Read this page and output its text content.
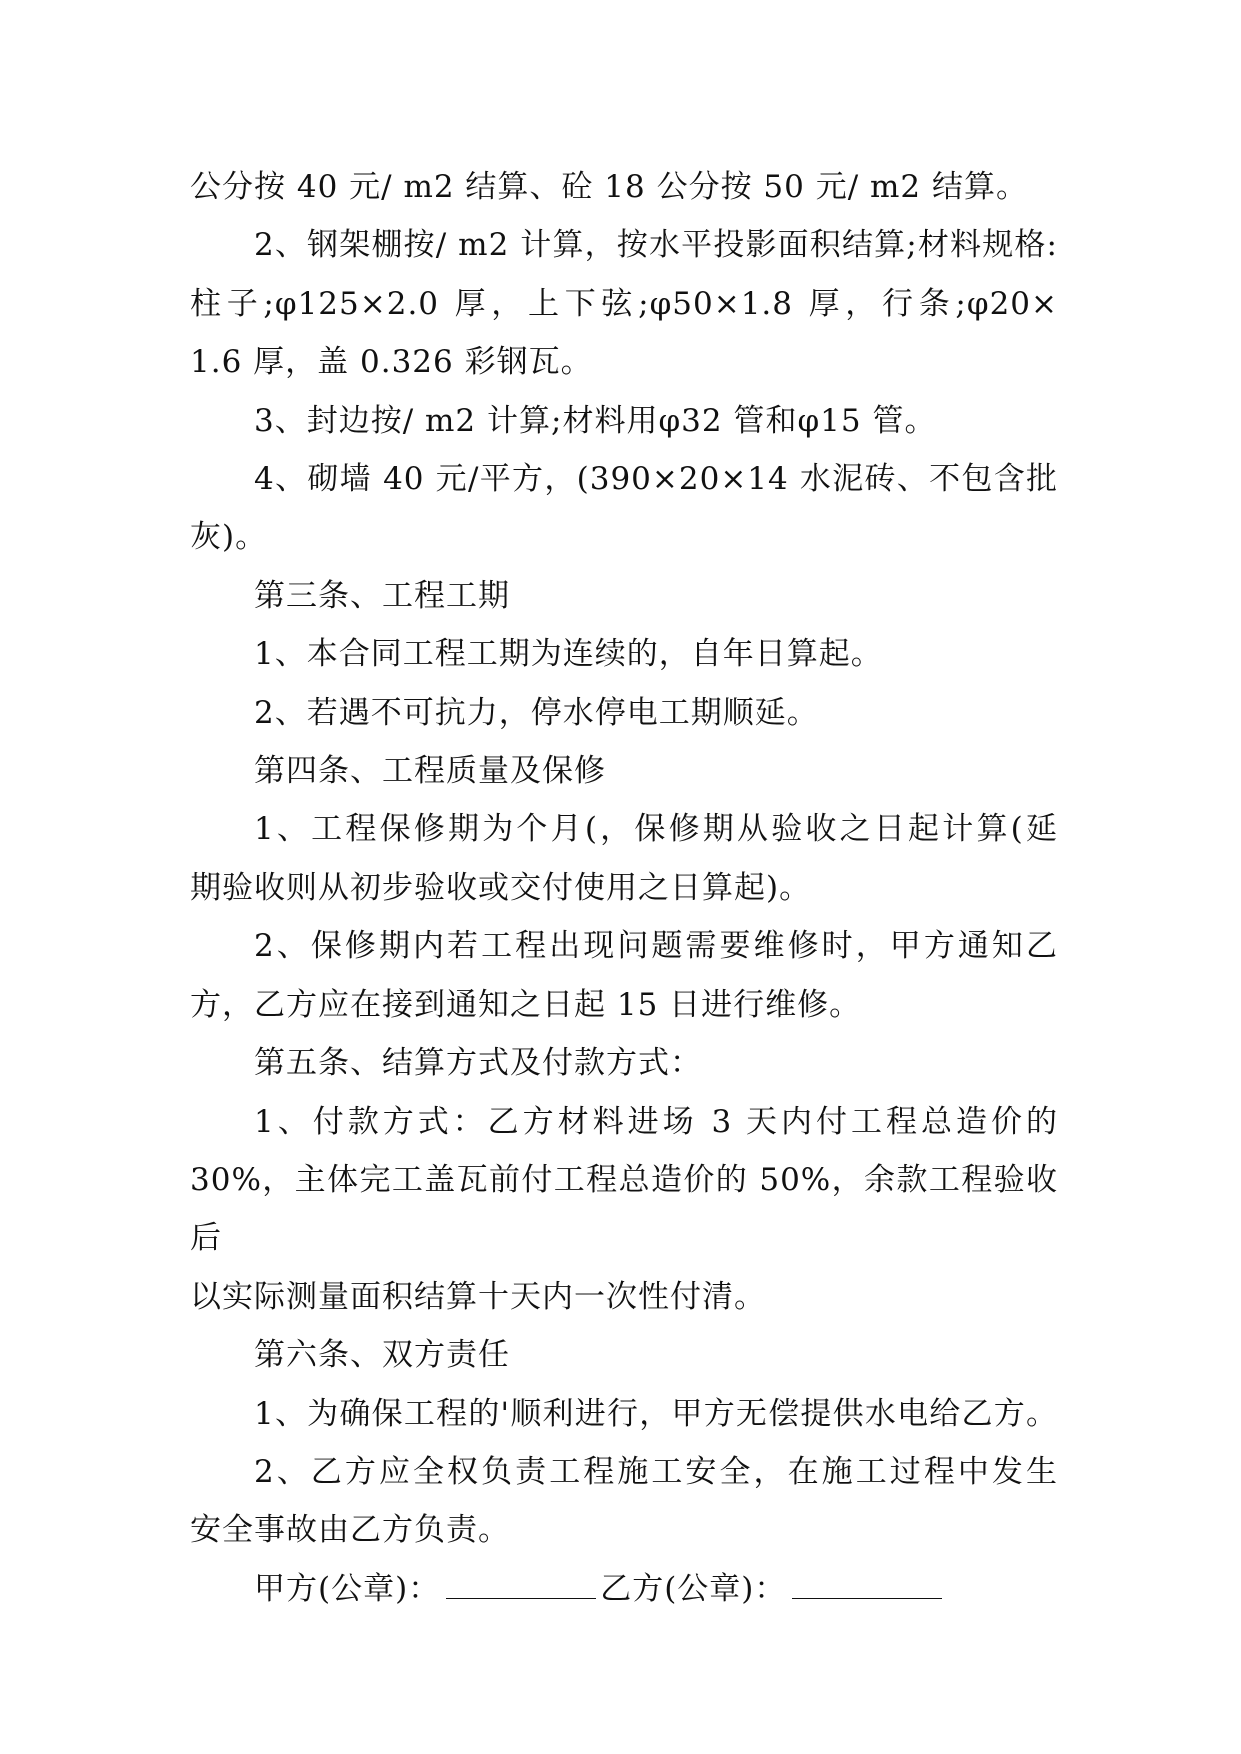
公分按 40 元/ m2 结算、砼 18 公分按 50 元/ m2 结算。
2、钢架棚按/ m2 计算，按水平投影面积结算;材料规格:
柱子;φ125×2.0 厚，上下弦;φ50×1.8 厚，行条;φ20×
1.6 厚，盖 0.326 彩钢瓦。
3、封边按/ m2 计算;材料用φ32 管和φ15 管。
4、砌墙 40 元/平方，(390×20×14 水泥砖、不包含批
灰)。
第三条、工程工期
1、本合同工程工期为连续的，自年日算起。
2、若遇不可抗力，停水停电工期顺延。
第四条、工程质量及保修
1、工程保修期为个月(，保修期从验收之日起计算(延
期验收则从初步验收或交付使用之日算起)。
2、保修期内若工程出现问题需要维修时，甲方通知乙
方，乙方应在接到通知之日起 15 日进行维修。
第五条、结算方式及付款方式：
1、付款方式：乙方材料进场 3 天内付工程总造价的
30%，主体完工盖瓦前付工程总造价的 50%，余款工程验收后
以实际测量面积结算十天内一次性付清。
第六条、双方责任
1、为确保工程的'顺利进行，甲方无偿提供水电给乙方。
2、乙方应全权负责工程施工安全，在施工过程中发生
安全事故由乙方负责。
甲方(公章)：	乙方(公章)：
